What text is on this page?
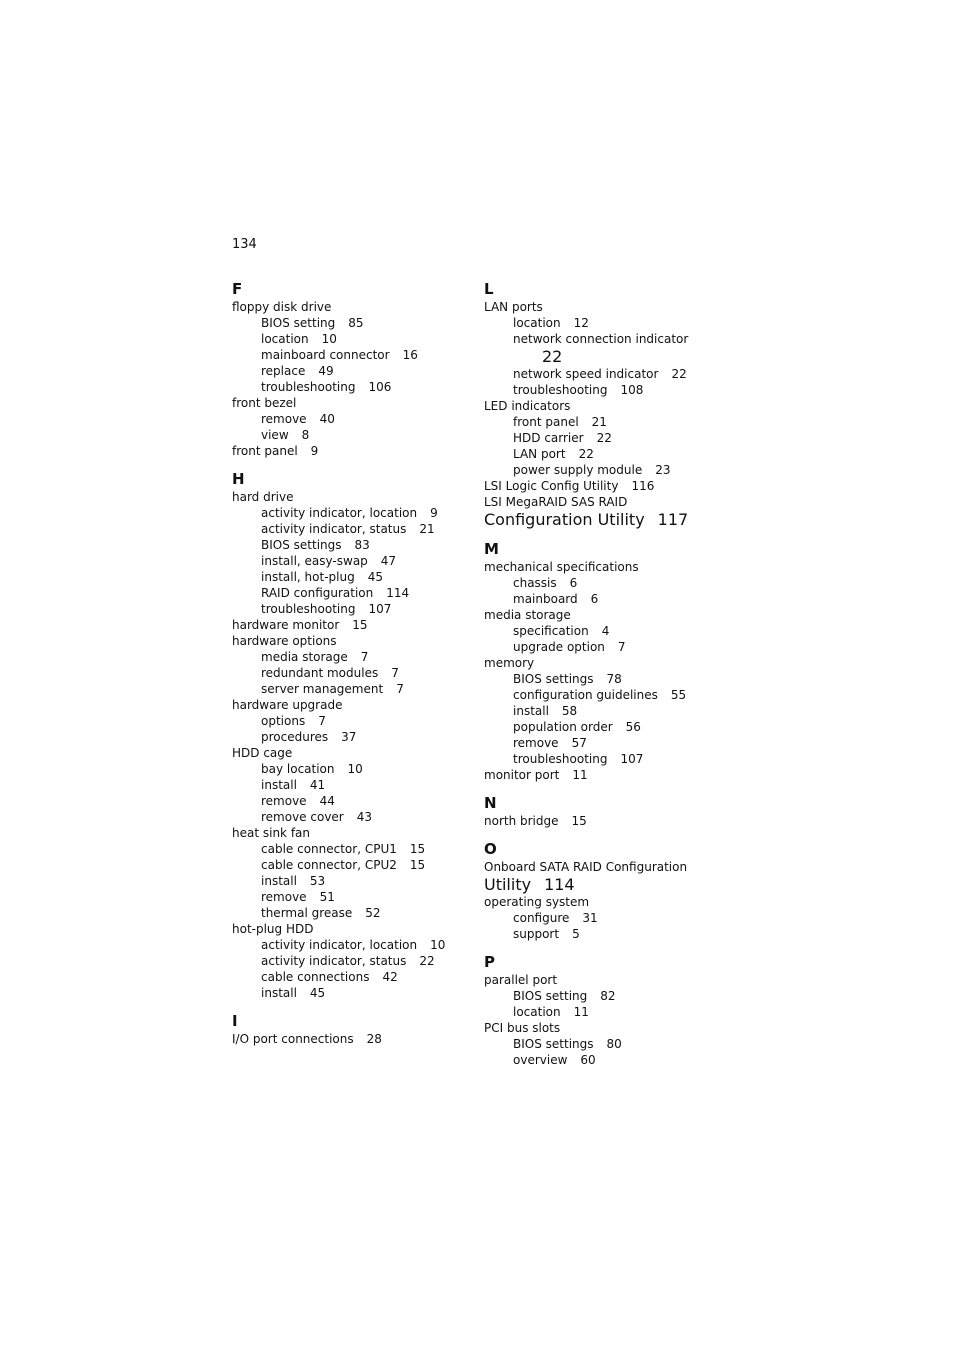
134
F
floppy disk drive
BIOS setting 85
location 10
mainboard connector 16
replace 49
troubleshooting 106
front bezel
remove 40
view 8
front panel 9
H
hard drive
activity indicator, location 9
activity indicator, status 21
BIOS settings 83
install, easy-swap 47
install, hot-plug 45
RAID configuration 114
troubleshooting 107
hardware monitor 15
hardware options
media storage 7
redundant modules 7
server management 7
hardware upgrade
options 7
procedures 37
HDD cage
bay location 10
install 41
remove 44
remove cover 43
heat sink fan
cable connector, CPU1 15
cable connector, CPU2 15
install 53
remove 51
thermal grease 52
hot-plug HDD
activity indicator, location 10
activity indicator, status 22
cable connections 42
install 45
I
I/O port connections 28
L
LAN ports
location 12
network connection indicator
22
network speed indicator 22
troubleshooting 108
LED indicators
front panel 21
HDD carrier 22
LAN port 22
power supply module 23
LSI Logic Config Utility 116
LSI MegaRAID SAS RAID
Configuration Utility 117
M
mechanical specifications
chassis 6
mainboard 6
media storage
specification 4
upgrade option 7
memory
BIOS settings 78
configuration guidelines 55
install 58
population order 56
remove 57
troubleshooting 107
monitor port 11
N
north bridge 15
O
Onboard SATA RAID Configuration
Utility 114
operating system
configure 31
support 5
P
parallel port
BIOS setting 82
location 11
PCI bus slots
BIOS settings 80
overview 60
